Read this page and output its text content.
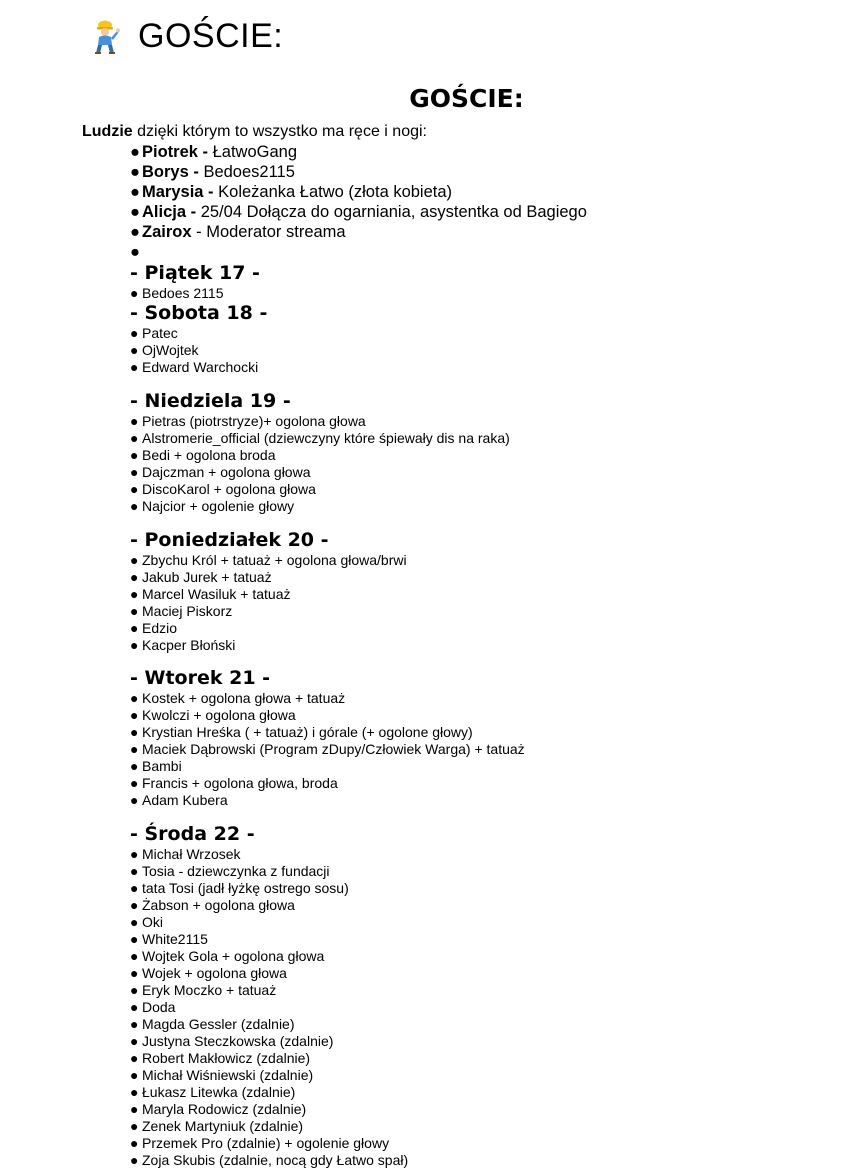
GOŚCIE:
GOŚCIE:
Ludzie dzięki którym to wszystko ma ręce i nogi:
● Piotrek - ŁatwoGang
● Borys - Bedoes2115
● Marysia - Koleżanka Łatwo (złota kobieta)
● Alicja - 25/04 Dołącza do ogarniania, asystentka od Bagiego
● Zairox - Moderator streama
●
- Piątek 17 -
● Bedoes 2115
- Sobota 18 -
● Patec
● OjWojtek
● Edward Warchocki
- Niedziela 19 -
● Pietras (piotrstryze)+ ogolona głowa
● Alstromerie_official (dziewczyny które śpiewały dis na raka)
● Bedi + ogolona broda
● Dajczman + ogolona głowa
● DiscoKarol + ogolona głowa
● Najcior + ogolenie głowy
- Poniedziałek 20 -
● Zbychu Król + tatuaż + ogolona głowa/brwi
● Jakub Jurek + tatuaż
● Marcel Wasiluk + tatuaż
● Maciej Piskorz
● Edzio
● Kacper Błoński
- Wtorek 21 -
● Kostek + ogolona głowa + tatuaż
● Kwolczi + ogolona głowa
● Krystian Hreśka ( + tatuaż) i górale (+ ogolone głowy)
● Maciek Dąbrowski (Program zDupy/Człowiek Warga) + tatuaż
● Bambi
● Francis + ogolona głowa, broda
● Adam Kubera
- Środa 22 -
● Michał Wrzosek
● Tosia - dziewczynka z fundacji
● tata Tosi (jadł łyżkę ostrego sosu)
● Żabson + ogolona głowa
● Oki
● White2115
● Wojtek Gola + ogolona głowa
● Wojek + ogolona głowa
● Eryk Moczko + tatuaż
● Doda
● Magda Gessler (zdalnie)
● Justyna Steczkowska (zdalnie)
● Robert Makłowicz (zdalnie)
● Michał Wiśniewski (zdalnie)
● Łukasz Litewka (zdalnie)
● Maryla Rodowicz (zdalnie)
● Zenek Martyniuk (zdalnie)
● Przemek Pro (zdalnie) + ogolenie głowy
● Zoja Skubis (zdalnie, nocą gdy Łatwo spał)
